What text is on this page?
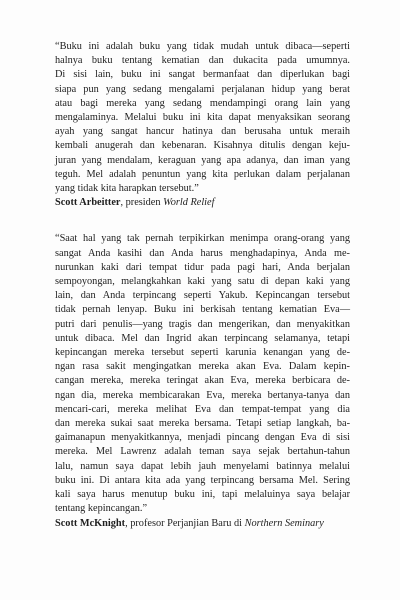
“Buku ini adalah buku yang tidak mudah untuk dibaca—seperti
halnya buku tentang kematian dan dukacita pada umumnya.
Di sisi lain, buku ini sangat bermanfaat dan diperlukan bagi
siapa pun yang sedang mengalami perjalanan hidup yang berat
atau bagi mereka yang sedang mendampingi orang lain yang
mengalaminya. Melalui buku ini kita dapat menyaksikan seorang
ayah yang sangat hancur hatinya dan berusaha untuk meraih
kembali anugerah dan kebenaran. Kisahnya ditulis dengan keju-
juran yang mendalam, keraguan yang apa adanya, dan iman yang
teguh. Mel adalah penuntun yang kita perlukan dalam perjalanan
yang tidak kita harapkan tersebut.”

Scott Arbeitter, presiden World Relief

“Saat hal yang tak pernah terpikirkan menimpa orang-orang yang
sangat Anda kasihi dan Anda harus menghadapinya, Anda me-
nurunkan kaki dari tempat tidur pada pagi hari, Anda berjalan
sempoyongan, melangkahkan kaki yang satu di depan kaki yang
lain, dan Anda terpincang seperti Yakub. Kepincangan tersebut
tidak pernah lenyap. Buku ini berkisah tentang kematian Eva—
putri dari penulis—yang tragis dan mengerikan, dan menyakitkan
untuk dibaca. Mel dan Ingrid akan terpincang selamanya, tetapi
kepincangan mereka tersebut seperti karunia kenangan yang de-
ngan rasa sakit mengingatkan mereka akan Eva. Dalam kepin-
cangan mereka, mereka teringat akan Eva, mereka berbicara de-
ngan dia, mereka membicarakan Eva, mereka bertanya-tanya dan
mencari-cari, mereka melihat Eva dan tempat-tempat yang dia
dan mereka sukai saat mereka bersama. Tetapi setiap langkah, ba-
gaimanapun menyakitkannya, menjadi pincang dengan Eva di sisi
mereka. Mel Lawrenz adalah teman saya sejak bertahun-tahun
lalu, namun saya dapat lebih jauh menyelami batinnya melalui
buku ini. Di antara kita ada yang terpincang bersama Mel. Sering
kali saya harus menutup buku ini, tapi melaluinya saya belajar
tentang kepincangan.”

Scott McKnight, profesor Perjanjian Baru di Northern Seminary
